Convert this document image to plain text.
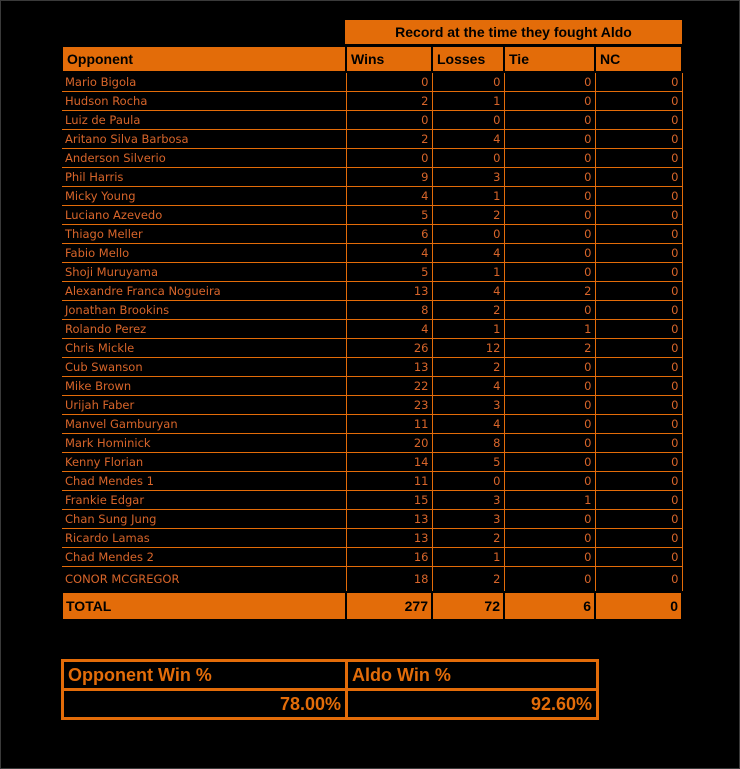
Record at the time they fought Aldo
Opponent	Wins	Losses	Tie	NC
Mario Bigola	0	0	0	0
Hudson Rocha	2	1	0	0
Luiz de Paula	0	0	0	0
Aritano Silva Barbosa	2	4	0	0
Anderson Silverio	0	0	0	0
Phil Harris	9	3	0	0
Micky Young	4	1	0	0
Luciano Azevedo	5	2	0	0
Thiago Meller	6	0	0	0
Fabio Mello	4	4	0	0
Shoji Muruyama	5	1	0	0
Alexandre Franca Nogueira	13	4	2	0
Jonathan Brookins	8	2	0	0
Rolando Perez	4	1	1	0
Chris Mickle	26	12	2	0
Cub Swanson	13	2	0	0
Mike Brown	22	4	0	0
Urijah Faber	23	3	0	0
Manvel Gamburyan	11	4	0	0
Mark Hominick	20	8	0	0
Kenny Florian	14	5	0	0
Chad Mendes 1	11	0	0	0
Frankie Edgar	15	3	1	0
Chan Sung Jung	13	3	0	0
Ricardo Lamas	13	2	0	0
Chad Mendes 2	16	1	0	0
CONOR MCGREGOR	18	2	0	0
TOTAL	277	72	6	0
Opponent Win %	Aldo Win %
78.00%	92.60%
